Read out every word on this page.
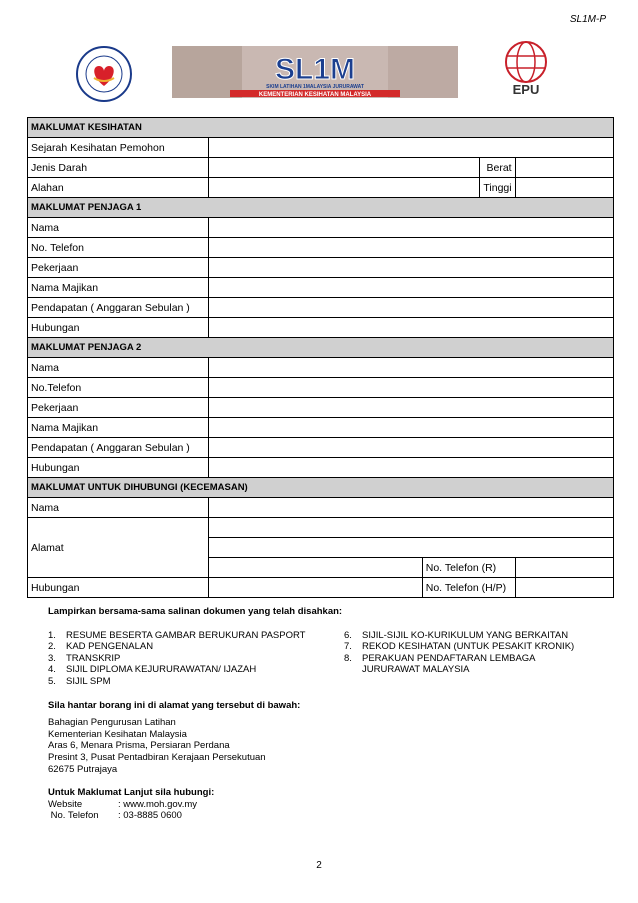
SL1M-P
SL1M
SKIM LATIHAN 1MALAYSIA JURURAWAT
KEMENTERIAN KESIHATAN MALAYSIA	EPU
MAKLUMAT KESIHATAN				
Sejarah Kesihatan Pemohon				
Jenis Darah			Berat	
Alahan			Tinggi	
MAKLUMAT PENJAGA 1				
Nama				
No. Telefon				
Pekerjaan				
Nama Majikan				
Pendapatan ( Anggaran Sebulan )				
Hubungan				
MAKLUMAT PENJAGA 2				
Nama				
No.Telefon				
Pekerjaan				
Nama Majikan				
Pendapatan ( Anggaran Sebulan )				
Hubungan				
MAKLUMAT UNTUK DIHUBUNGI (KECEMASAN)				
Nama				
Alamat				

		No. Telefon (R)		
Hubungan		No. Telefon (H/P)		
Lampirkan bersama-sama salinan dokumen yang telah disahkan:
1.	RESUME BESERTA GAMBAR BERUKURAN PASPORT
2.	KAD PENGENALAN
3.	TRANSKRIP
4.	SIJIL DIPLOMA KEJURURAWATAN/ IJAZAH
5.	SIJIL SPM
6.	SIJIL-SIJIL KO-KURIKULUM YANG BERKAITAN
7.	REKOD KESIHATAN (UNTUK PESAKIT KRONIK)
8.	PERAKUAN PENDAFTARAN LEMBAGA
JURURAWAT MALAYSIA
Sila hantar borang ini di alamat yang tersebut di bawah:
Bahagian Pengurusan Latihan
Kementerian Kesihatan Malaysia
Aras 6, Menara Prisma, Persiaran Perdana
Presint 3, Pusat Pentadbiran Kerajaan Persekutuan
62675 Putrajaya
Untuk Maklumat Lanjut sila hubungi:
Website	: www.moh.gov.my
No. Telefon	: 03-8885 0600
2
